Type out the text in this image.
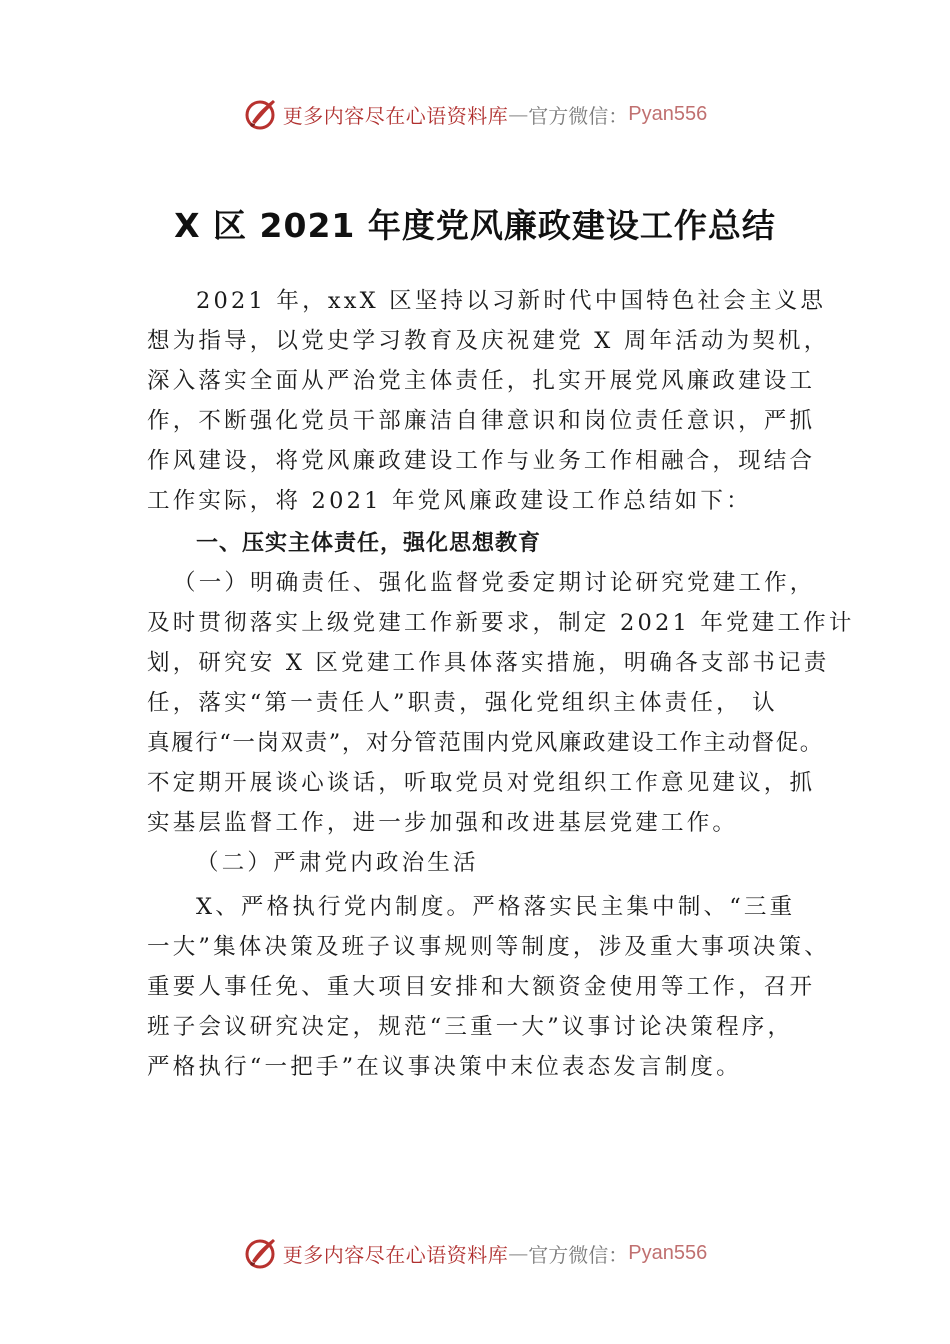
更多内容尽在心语资料库 — 官方微信： Pyan556
X 区 2021 年度党风廉政建设工作总结
2021 年，xxX 区坚持以习新时代中国特色社会主义思
想为指导，以党史学习教育及庆祝建党 X 周年活动为契机，
深入落实全面从严治党主体责任，扎实开展党风廉政建设工
作，不断强化党员干部廉洁自律意识和岗位责任意识，严抓
作风建设，将党风廉政建设工作与业务工作相融合，现结合
工作实际，将 2021 年党风廉政建设工作总结如下：
一、压实主体责任，强化思想教育
（一）明确责任、强化监督党委定期讨论研究党建工作，
及时贯彻落实上级党建工作新要求，制定 2021 年党建工作计
划，研究安 X 区党建工作具体落实措施，明确各支部书记责
任，落实“第一责任人”职责，强化党组织主体责任， 认
真履行“一岗双责”，对分管范围内党风廉政建设工作主动督促。
不定期开展谈心谈话，听取党员对党组织工作意见建议，抓
实基层监督工作，进一步加强和改进基层党建工作。
（二）严肃党内政治生活
X、严格执行党内制度。严格落实民主集中制、“三重
一大”集体决策及班子议事规则等制度，涉及重大事项决策、
重要人事任免、重大项目安排和大额资金使用等工作，召开
班子会议研究决定，规范“三重一大”议事讨论决策程序，
严格执行“一把手”在议事决策中末位表态发言制度。
更多内容尽在心语资料库 — 官方微信： Pyan556
